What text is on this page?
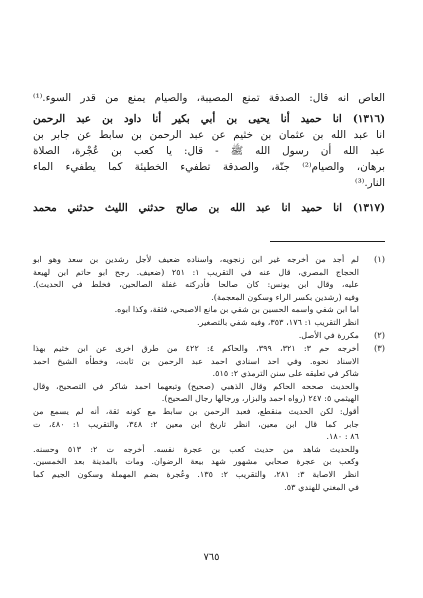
العاص انه قال: الصدقة تمنع المصيبة، والصيام يمنع من قدر السوء.⁽¹⁾
(١٣١٦) انا حميد أنا يحيى بن أبي بكير أنا داود بن عبد الرحمن
انا عبد الله بن عثمان بن خثيم عن عبد الرحمن بن سابط عن جابر بن
عبد الله أن رسول الله ﷺ - قال: يا كعب بن عُجْرة، الصلاة
برهان، والصيام⁽²⁾ جنّة، والصدقة تطفيء الخطيئة كما يطفيء الماء
النار.⁽³⁾
(١٣١٧) انا حميد انا عبد الله بن صالح حدثني الليث حدثني محمد
(١)
لم أجد من أخرجه غير ابن زنجويه، واسناده ضعيف لأجل رشدين بن سعد وهو ابو
الحجاج المصري، قال عنه في التقريب ١: ٢٥١ (ضعيف. رجح ابو حاتم ابن لهيعة
عليه، وقال ابن يونس: كان صالحا فأدركته غفلة الصالحين، فخلط في الحديث).
وفيه (رشدين بكسر الراء وسكون المعجمة).
اما ابن شفي واسمه الحسين بن شفي بن مانع الاصبحي، فثقة، وكذا ابوه.
انظر التقريب ١: ١٧٦، ٣٥٣، وفيه شفي بالتصغير.
(٢)
مكررة في الأصل.
(٣)
أخرجه حم ٣: ٣٢١، ٣٩٩، والحاكم ٤: ٤٢٢ من طرق اخرى عن ابن خثيم بهذا
الاسناد نحوه. وفي احد اسنادي احمد عبد الرحمن بن ثابت، وخطأه الشيخ احمد
شاكر في تعليقه على سنن الترمذي ٢: ٥١٥.
والحديث صححه الحاكم وقال الذهبي (صحيح) وتبعهما احمد شاكر في التصحيح، وقال
الهيثمي ٥: ٢٤٧ (رواه احمد والبزار، ورجالها رجال الصحيح).
أقول: لكن الحديث منقطع، فعبد الرحمن بن سابط مع كونه ثقة، أنه لم يسمع من
جابر كما قال ابن معين، انظر تاريخ ابن معين ٢: ٣٤٨، والتقريب ١: ٤٨٠، ت
٨٦ : ١٨٠.
وللحديث شاهد من حديث كعب بن عجرة نفسه. أخرجه ت ٢: ٥١٣ وحسنه.
وكعب بن عجرة صحابي مشهور شهد بيعة الرضوان. ومات بالمدينة بعد الخمسين.
انظر الاصابة ٣: ٢٨١، والتقريب ٢: ١٣٥. وعُجرة بضم المهملة وسكون الجيم كما
في المغني للهندي ٥٣.
٧٦٥
